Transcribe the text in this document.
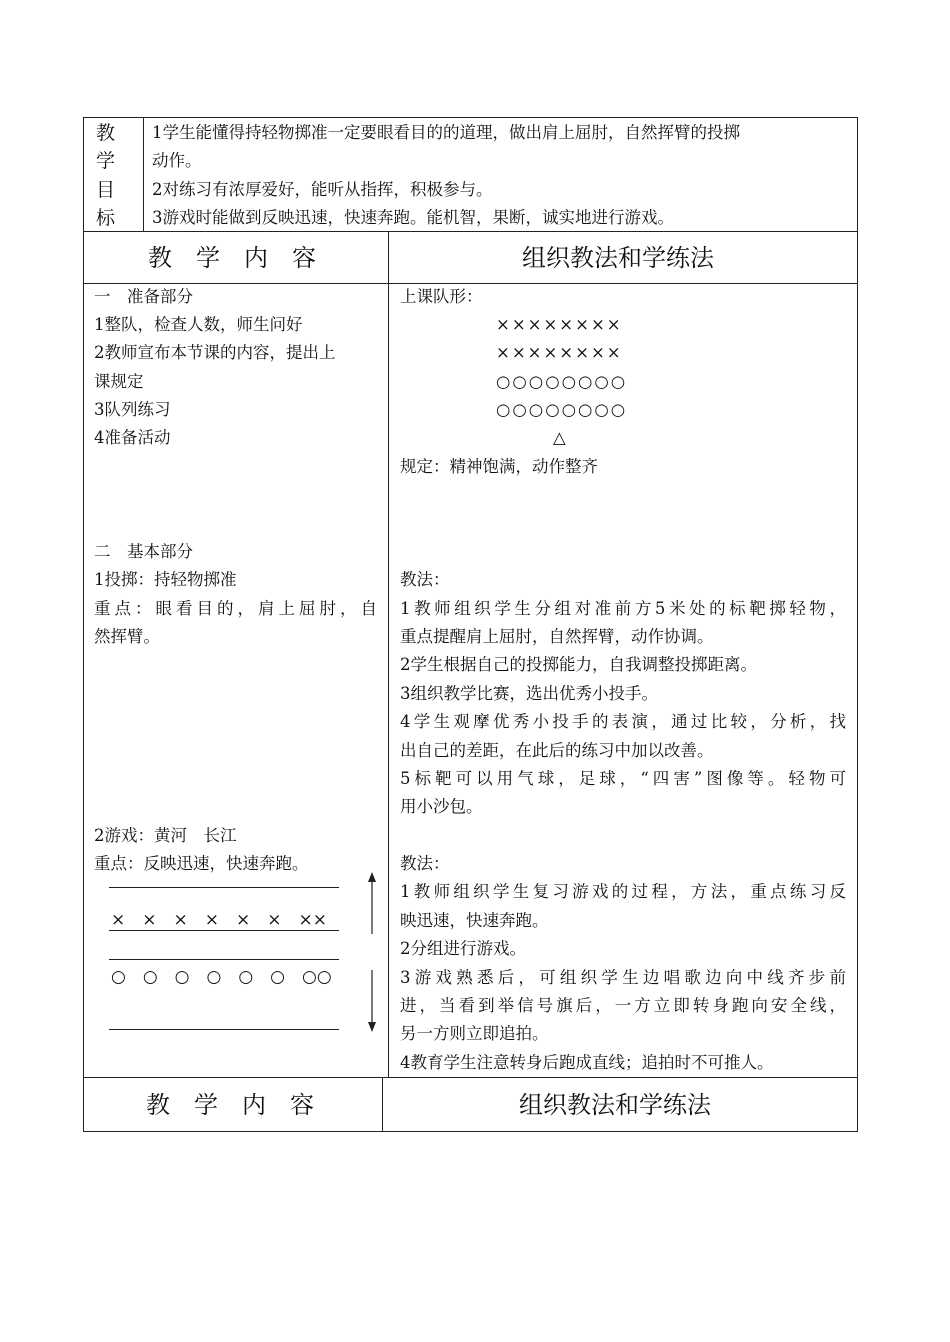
教
学
目
标
1学生能懂得持轻物掷准一定要眼看目的的道理，做出肩上屈肘，自然挥臂的投掷
动作。
2对练习有浓厚爱好，能听从指挥，积极参与。
3游戏时能做到反映迅速，快速奔跑。能机智，果断，诚实地进行游戏。
教　学　内　容	组织教法和学练法
一　准备部分
1整队，检查人数，师生问好
2教师宣布本节课的内容，提出上
课规定
3队列练习
4准备活动
上课队形：
××××××××
××××××××
○○○○○○○○
○○○○○○○○
△
规定：精神饱满，动作整齐
二　基本部分
1投掷：持轻物掷准
重点：眼看目的，肩上屈肘，自
然挥臂。
2游戏：黄河　长江
重点：反映迅速，快速奔跑。
×　×　×　×　×　×　××
○　○　○　○　○　○　○○
教法：
1教师组织学生分组对准前方5米处的标靶掷轻物，
重点提醒肩上屈肘，自然挥臂，动作协调。
2学生根据自己的投掷能力，自我调整投掷距离。
3组织教学比赛，选出优秀小投手。
4学生观摩优秀小投手的表演，通过比较，分析，找
出自己的差距，在此后的练习中加以改善。
5标靶可以用气球，足球，“四害”图像等。轻物可
用小沙包。
教法：
1教师组织学生复习游戏的过程，方法，重点练习反
映迅速，快速奔跑。
2分组进行游戏。
3游戏熟悉后，可组织学生边唱歌边向中线齐步前
进，当看到举信号旗后，一方立即转身跑向安全线，
另一方则立即追拍。
4教育学生注意转身后跑成直线；追拍时不可推人。
教　学　内　容	组织教法和学练法
